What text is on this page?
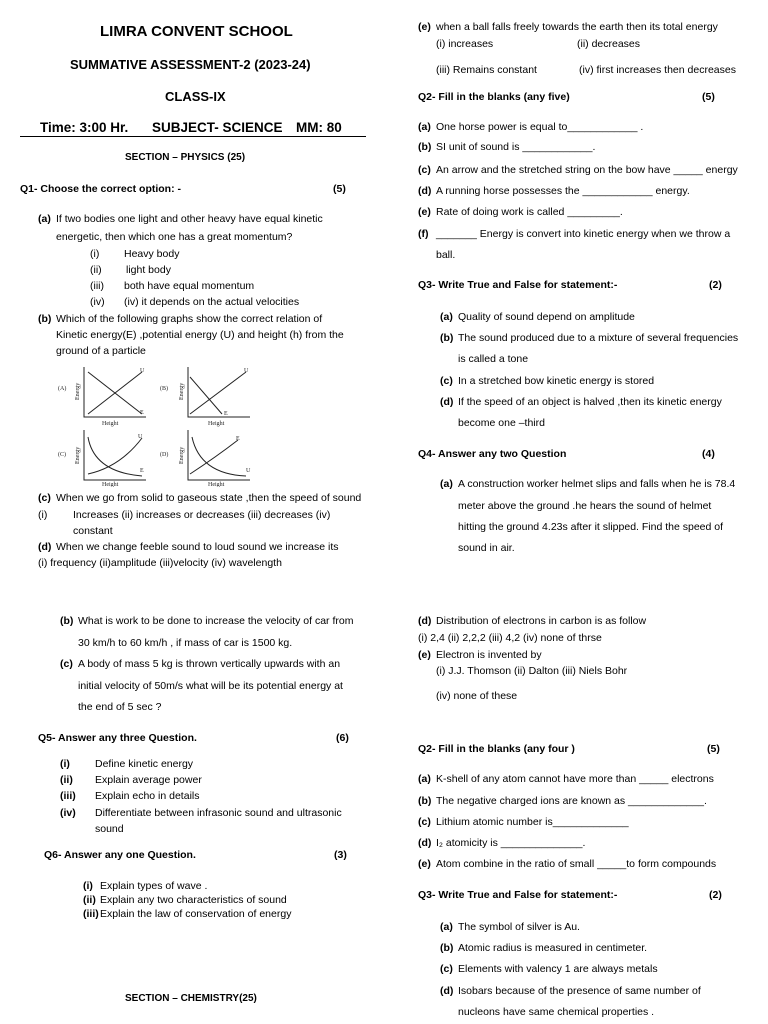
LIMRA CONVENT SCHOOL
SUMMATIVE ASSESSMENT-2 (2023-24)
CLASS-IX
Time: 3:00 Hr. SUBJECT- SCIENCE MM: 80
SECTION – PHYSICS (25)
Q1- Choose the correct option: -	(5)
(a) If two bodies one light and other heavy have equal kinetic
energetic, then which one has a great momentum?
(i) Heavy body
(ii) light body
(iii) both have equal momentum
(iv) (iv) it depends on the actual velocities
(b) Which of the following graphs show the correct relation of
Kinetic energy(E) ,potential energy (U) and height (h) from the
ground of a particle
(A)	(B)
(C)	(D)
Energy	Energy
Energy	Energy
Height	Height
Height	Height
U
E
U
E
U
E
E
U
(c) When we go from solid to gaseous state ,then the speed of sound
(i) Increases (ii) increases or decreases (iii) decreases (iv)
constant
(d) When we change feeble sound to loud sound we increase its
(i) frequency (ii)amplitude (iii)velocity (iv) wavelength
(b) What is work to be done to increase the velocity of car from
30 km/h to 60 km/h , if mass of car is 1500 kg.
(c) A body of mass 5 kg is thrown vertically upwards with an
initial velocity of 50m/s what will be its potential energy at
the end of 5 sec ?
Q5- Answer any three Question.	(6)
(i) Define kinetic energy
(ii) Explain average power
(iii) Explain echo in details
(iv) Differentiate between infrasonic sound and ultrasonic
sound
Q6- Answer any one Question.	(3)
(i) Explain types of wave .
(ii) Explain any two characteristics of sound
(iii) Explain the law of conservation of energy
SECTION – CHEMISTRY(25)
(e) when a ball falls freely towards the earth then its total energy
(i) increases	(ii) decreases
(iii) Remains constant	(iv) first increases then decreases
Q2- Fill in the blanks (any five)	(5)
(a) One horse power is equal to____________ .
(b) SI unit of sound is ____________.
(c) An arrow and the stretched string on the bow have _____ energy
(d) A running horse possesses the ____________ energy.
(e) Rate of doing work is called _________.
(f) _______ Energy is convert into kinetic energy when we throw a
ball.
Q3- Write True and False for statement:-	(2)
(a) Quality of sound depend on amplitude
(b) The sound produced due to a mixture of several frequencies
is called a tone
(c) In a stretched bow kinetic energy is stored
(d) If the speed of an object is halved ,then its kinetic energy
become one –third
Q4- Answer any two Question	(4)
(a) A construction worker helmet slips and falls when he is 78.4
meter above the ground .he hears the sound of helmet
hitting the ground 4.23s after it slipped. Find the speed of
sound in air.
(d) Distribution of electrons in carbon is as follow
(i) 2,4 (ii) 2,2,2 (iii) 4,2 (iv) none of thrse
(e) Electron is invented by
(i) J.J. Thomson (ii) Dalton (iii) Niels Bohr
(iv) none of these
Q2- Fill in the blanks (any four )	(5)
(a) K-shell of any atom cannot have more than _____ electrons
(b) The negative charged ions are known as _____________.
(c) Lithium atomic number is_____________
(d) I₂ atomicity is ______________.
(e) Atom combine in the ratio of small _____to form compounds
Q3- Write True and False for statement:-	(2)
(a) The symbol of silver is Au.
(b) Atomic radius is measured in centimeter.
(c) Elements with valency 1 are always metals
(d) Isobars because of the presence of same number of
nucleons have same chemical properties .
